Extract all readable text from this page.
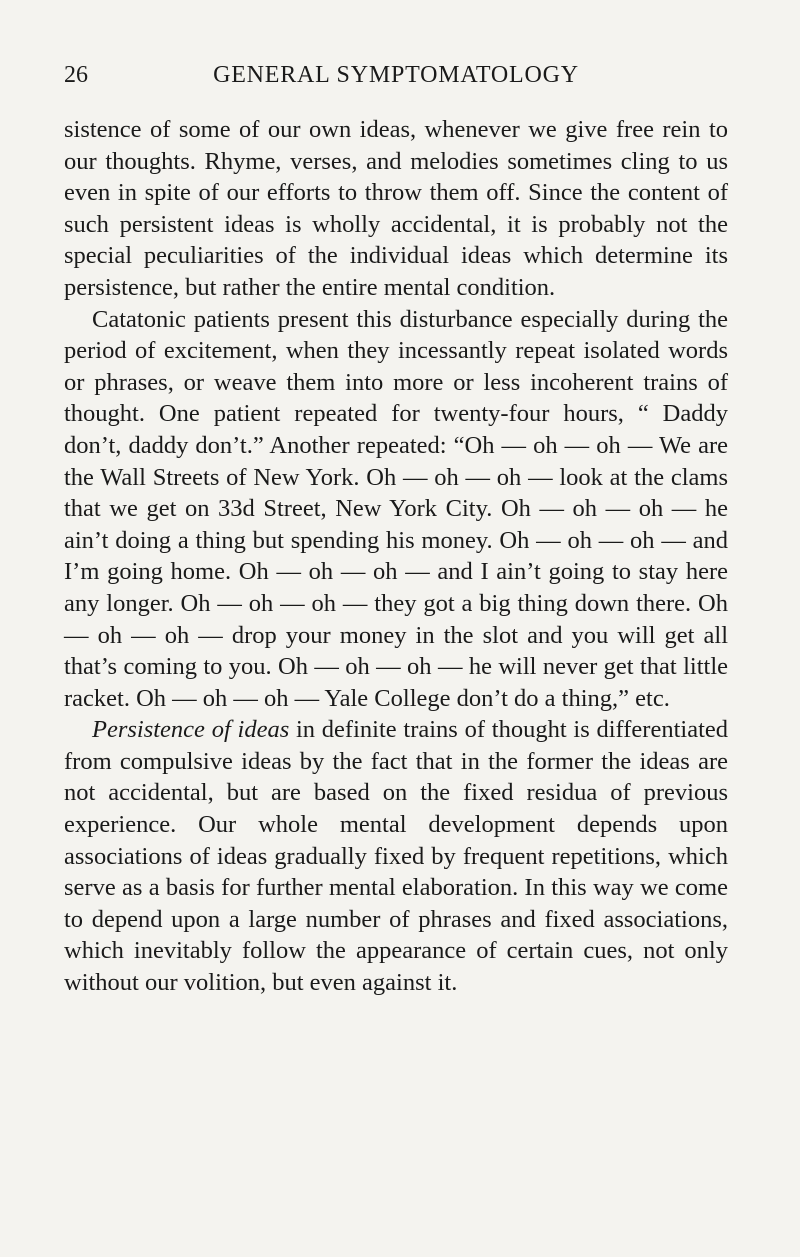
26	GENERAL SYMPTOMATOLOGY

sistence of some of our own ideas, whenever we give free rein to our thoughts. Rhyme, verses, and melodies sometimes cling to us even in spite of our efforts to throw them off. Since the content of such persistent ideas is wholly accidental, it is probably not the special peculiarities of the individual ideas which determine its persistence, but rather the entire mental condition.

Catatonic patients present this disturbance especially during the period of excitement, when they incessantly repeat isolated words or phrases, or weave them into more or less incoherent trains of thought. One patient repeated for twenty-four hours, “ Daddy don’t, daddy don’t.” Another repeated: “Oh — oh — oh — We are the Wall Streets of New York. Oh — oh — oh — look at the clams that we get on 33d Street, New York City. Oh — oh — oh — he ain’t doing a thing but spending his money. Oh — oh — oh — and I’m going home. Oh — oh — oh — and I ain’t going to stay here any longer. Oh — oh — oh — they got a big thing down there. Oh — oh — oh — drop your money in the slot and you will get all that’s coming to you. Oh — oh — oh — he will never get that little racket. Oh — oh — oh — Yale College don’t do a thing,” etc.

Persistence of ideas in definite trains of thought is differentiated from compulsive ideas by the fact that in the former the ideas are not accidental, but are based on the fixed residua of previous experience. Our whole mental development depends upon associations of ideas gradually fixed by frequent repetitions, which serve as a basis for further mental elaboration. In this way we come to depend upon a large number of phrases and fixed associations, which inevitably follow the appearance of certain cues, not only without our volition, but even against it.
